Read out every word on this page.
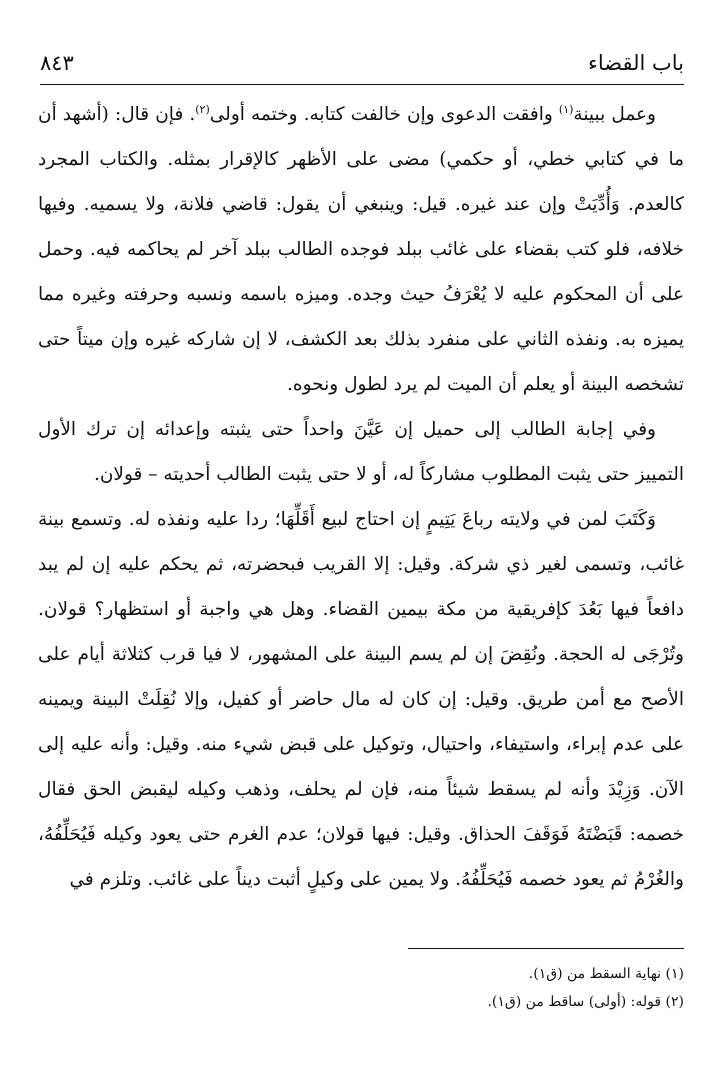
باب القضاء
٨٤٣

وعمل ببينة$^{(١)}$ وافقت الدعوى وإن خالفت كتابه. وختمه أولى$^{(٢)}$. فإن قال: (أشهد أن ما في كتابي خطي، أو حكمي) مضى على الأظهر كالإقرار بمثله. والكتاب المجرد كالعدم. وَأُدِّيَتْ وإن عند غيره. قيل: وينبغي أن يقول: قاضي فلانة، ولا يسميه. وفيها خلافه، فلو كتب بقضاء على غائب ببلد فوجده الطالب ببلد آخر لم يحاكمه فيه. وحمل على أن المحكوم عليه لا يُعْرَفُ حيث وجده. وميزه باسمه ونسبه وحرفته وغيره مما يميزه به. ونفذه الثاني على منفرد بذلك بعد الكشف، لا إن شاركه غيره وإن ميتاً حتى تشخصه البينة أو يعلم أن الميت لم يرد لطول ونحوه.

وفي إجابة الطالب إلى حميل إن عَيَّنَ واحداً حتى يثبته وإعدائه إن ترك الأول التمييز حتى يثبت المطلوب مشاركاً له، أو لا حتى يثبت الطالب أحديته – قولان.

وَكَتَبَ لمن في ولايته رباعَ يَتِيمٍ إن احتاج لبيع أَقَلِّهَا؛ ردا عليه ونفذه له. وتسمع بينة غائب، وتسمى لغير ذي شركة. وقيل: إلا القريب فبحضرته، ثم يحكم عليه إن لم يبد دافعاً فيها بَعُدَ كإفريقية من مكة بيمين القضاء. وهل هي واجبة أو استظهار؟ قولان. وتُرْجَى له الحجة. ونُقِضَ إن لم يسم البينة على المشهور، لا فيا قرب كثلاثة أيام على الأصح مع أمن طريق. وقيل: إن كان له مال حاضر أو كفيل، وإلا نُقِلَتْ البينة ويمينه على عدم إبراء، واستيفاء، واحتيال، وتوكيل على قبض شيء منه. وقيل: وأنه عليه إلى الآن. وَزِيْدَ وأنه لم يسقط شيئاً منه، فإن لم يحلف، وذهب وكيله ليقبض الحق فقال خصمه: قَبَضْتَهُ فَوَقَفَ الحذاق. وقيل: فيها قولان؛ عدم الغرم حتى يعود وكيله فَيُحَلِّفُهُ، والغُرْمُ ثم يعود خصمه فَيُحَلِّفُهُ. ولا يمين على وكيلٍ أثبت ديناً على غائب. وتلزم في

(١) نهاية السقط من (ق١).

(٢) قوله: (أولى) ساقط من (ق١).
